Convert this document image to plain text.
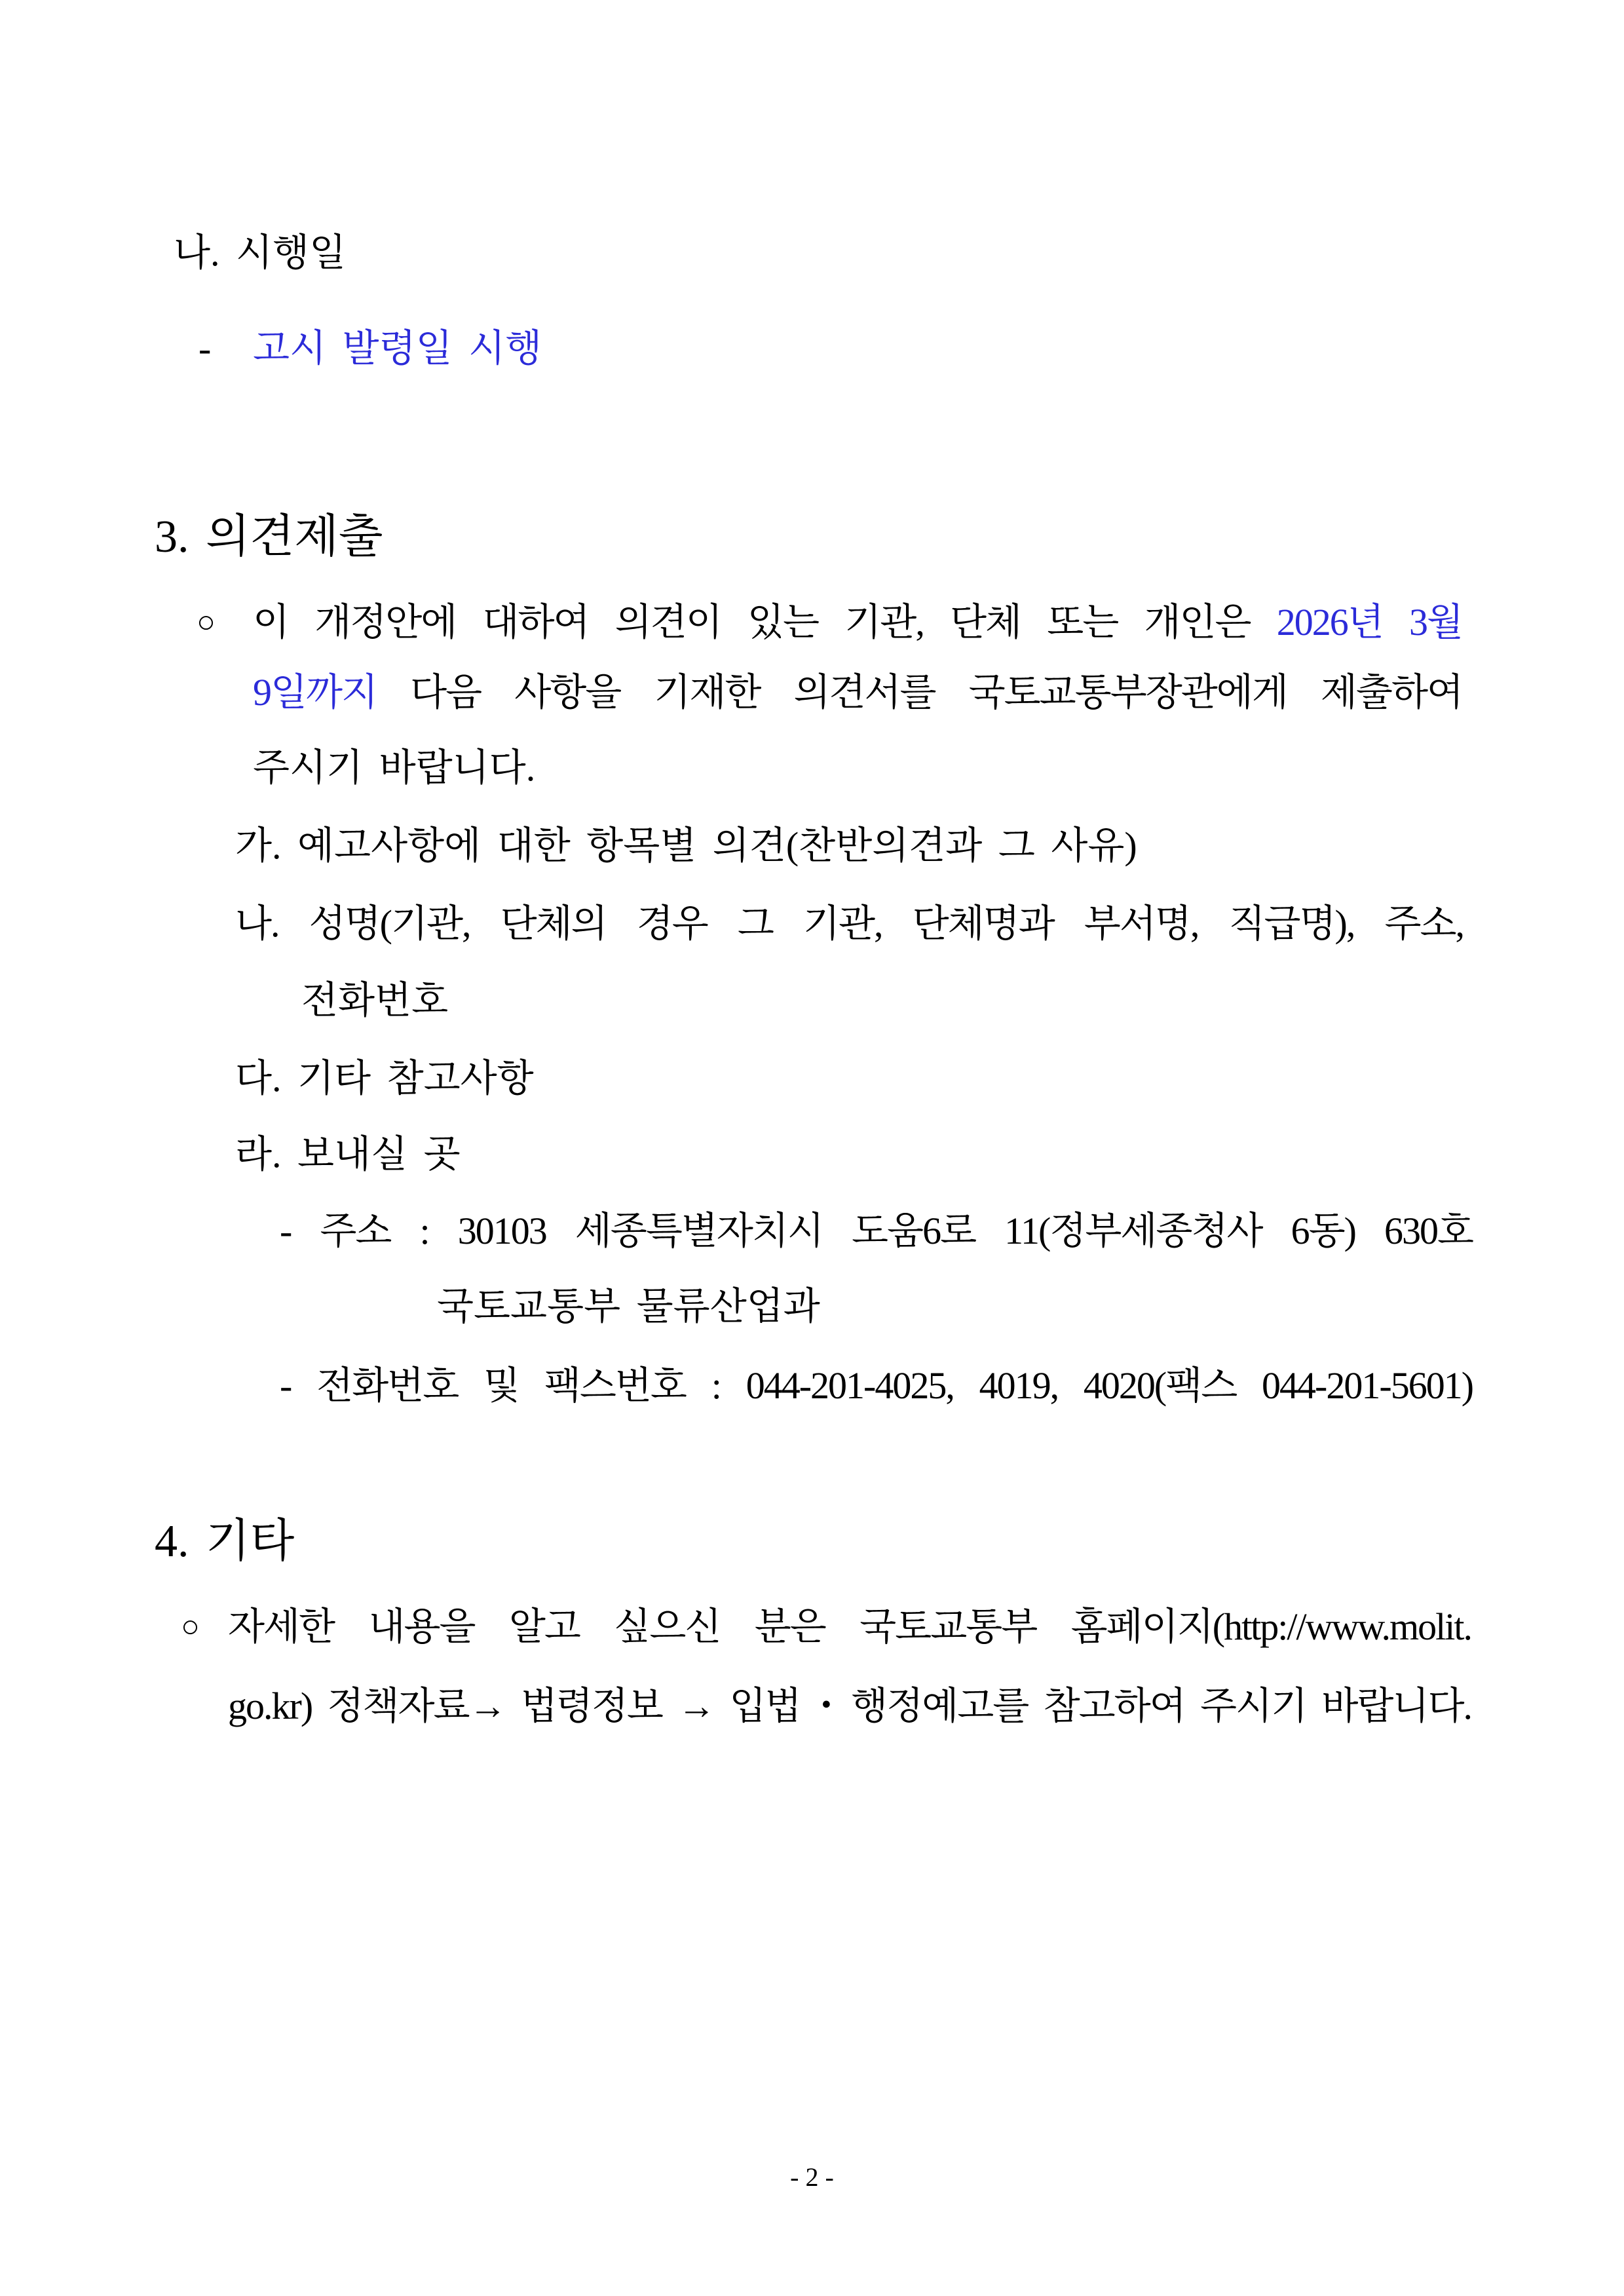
나. 시행일
- 고시 발령일 시행
3. 의견제출
○ 이 개정안에 대하여 의견이 있는 기관, 단체 또는 개인은 2026년 3월
9일까지 다음 사항을 기재한 의견서를 국토교통부장관에게 제출하여
주시기 바랍니다.
가. 예고사항에 대한 항목별 의견(찬반의견과 그 사유)
나. 성명(기관, 단체의 경우 그 기관, 단체명과 부서명, 직급명), 주소,
전화번호
다. 기타 참고사항
라. 보내실 곳
- 주소 : 30103 세종특별자치시 도움6로 11(정부세종청사 6동) 630호
국토교통부 물류산업과
- 전화번호 및 팩스번호 : 044-201-4025, 4019, 4020(팩스 044-201-5601)
4. 기타
○ 자세한 내용을 알고 싶으신 분은 국토교통부 홈페이지(http://www.molit.
go.kr) 정책자료→ 법령정보 → 입법・행정예고를 참고하여 주시기 바랍니다.
- 2 -
